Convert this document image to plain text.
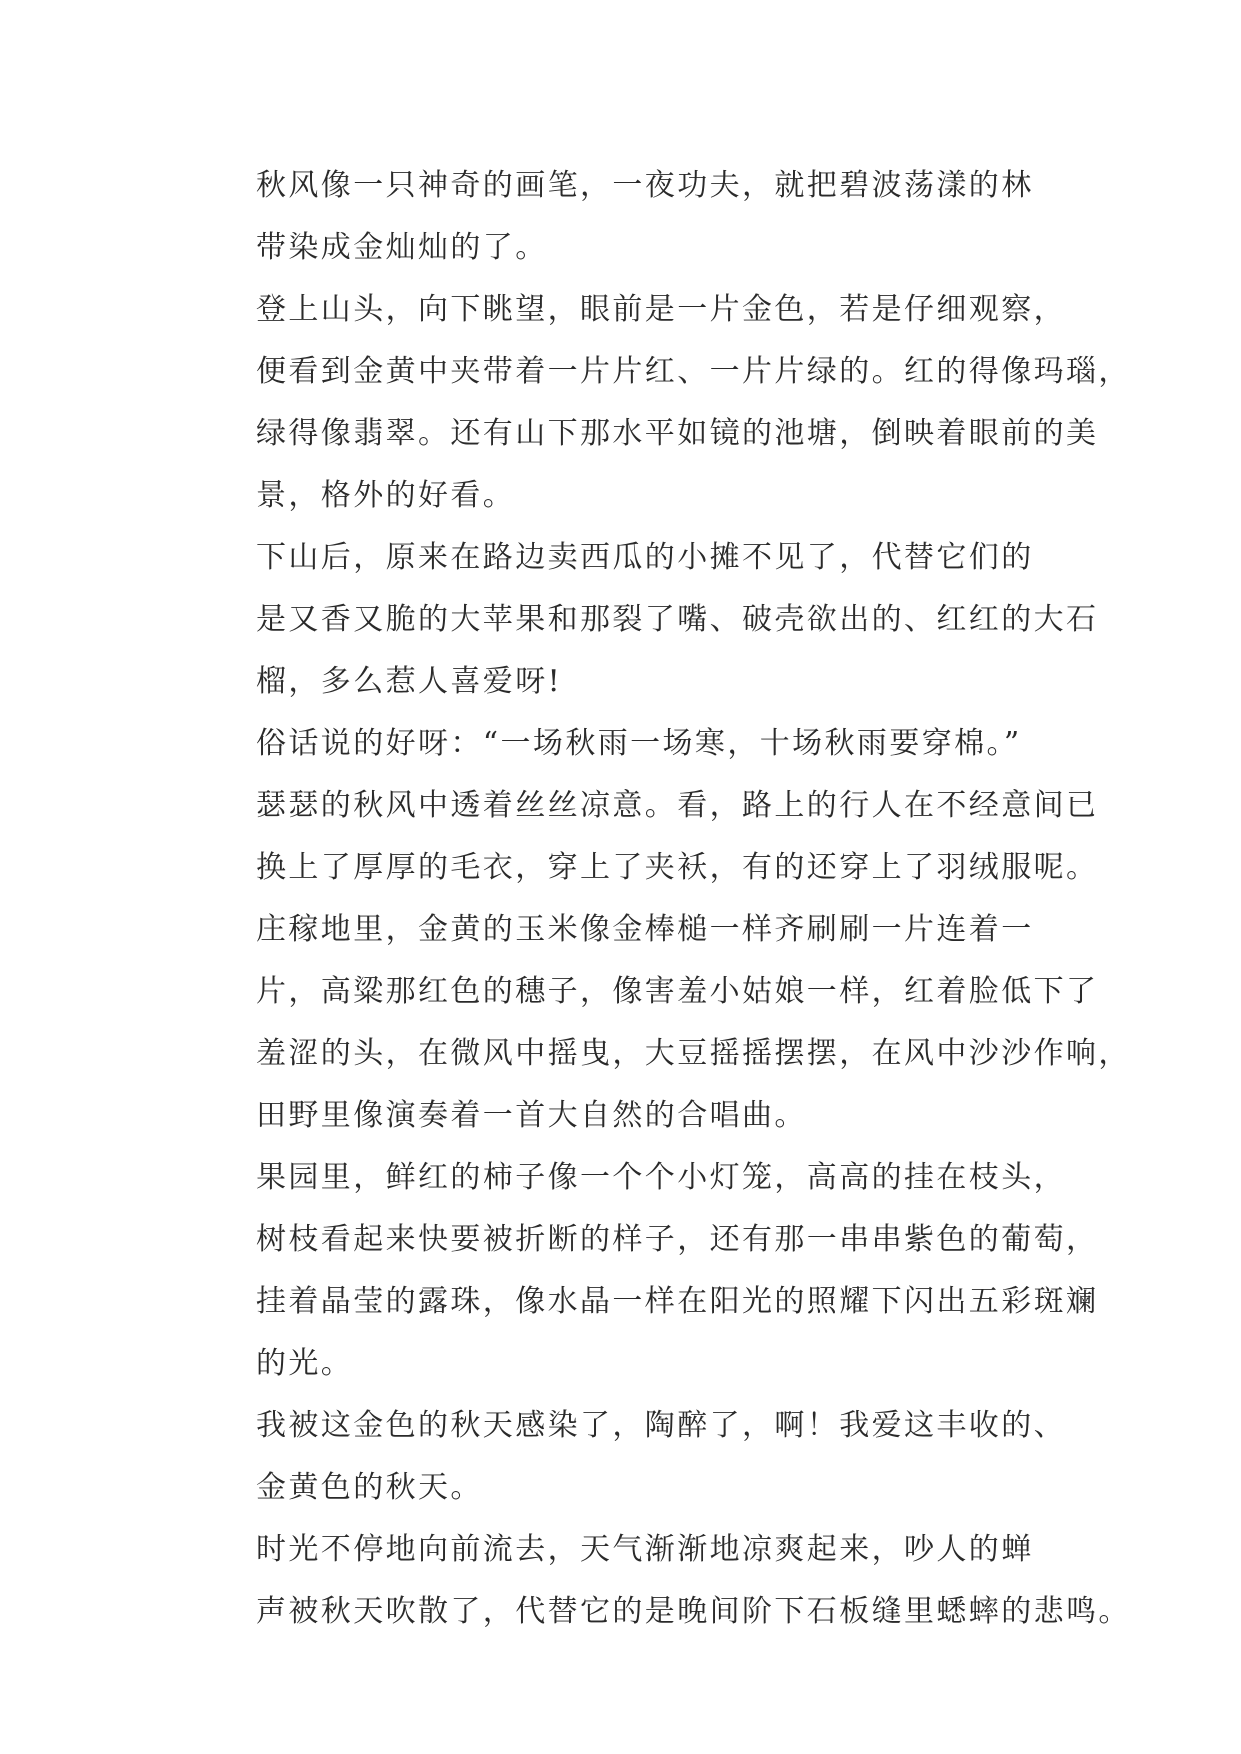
秋风像一只神奇的画笔，一夜功夫，就把碧波荡漾的林
带染成金灿灿的了。

登上山头，向下眺望，眼前是一片金色，若是仔细观察，
便看到金黄中夹带着一片片红、一片片绿的。红的得像玛瑙，
绿得像翡翠。还有山下那水平如镜的池塘，倒映着眼前的美
景，格外的好看。

下山后，原来在路边卖西瓜的小摊不见了，代替它们的
是又香又脆的大苹果和那裂了嘴、破壳欲出的、红红的大石
榴，多么惹人喜爱呀!

俗话说的好呀：“一场秋雨一场寒，十场秋雨要穿棉。”
瑟瑟的秋风中透着丝丝凉意。看，路上的行人在不经意间已
换上了厚厚的毛衣，穿上了夹袄，有的还穿上了羽绒服呢。

庄稼地里，金黄的玉米像金棒槌一样齐刷刷一片连着一
片，高粱那红色的穗子，像害羞小姑娘一样，红着脸低下了
羞涩的头，在微风中摇曳，大豆摇摇摆摆，在风中沙沙作响，
田野里像演奏着一首大自然的合唱曲。

果园里，鲜红的柿子像一个个小灯笼，高高的挂在枝头，
树枝看起来快要被折断的样子，还有那一串串紫色的葡萄，
挂着晶莹的露珠，像水晶一样在阳光的照耀下闪出五彩斑斓
的光。

我被这金色的秋天感染了，陶醉了，啊！我爱这丰收的、
金黄色的秋天。

时光不停地向前流去，天气渐渐地凉爽起来，吵人的蝉
声被秋天吹散了，代替它的是晚间阶下石板缝里蟋蟀的悲鸣。
